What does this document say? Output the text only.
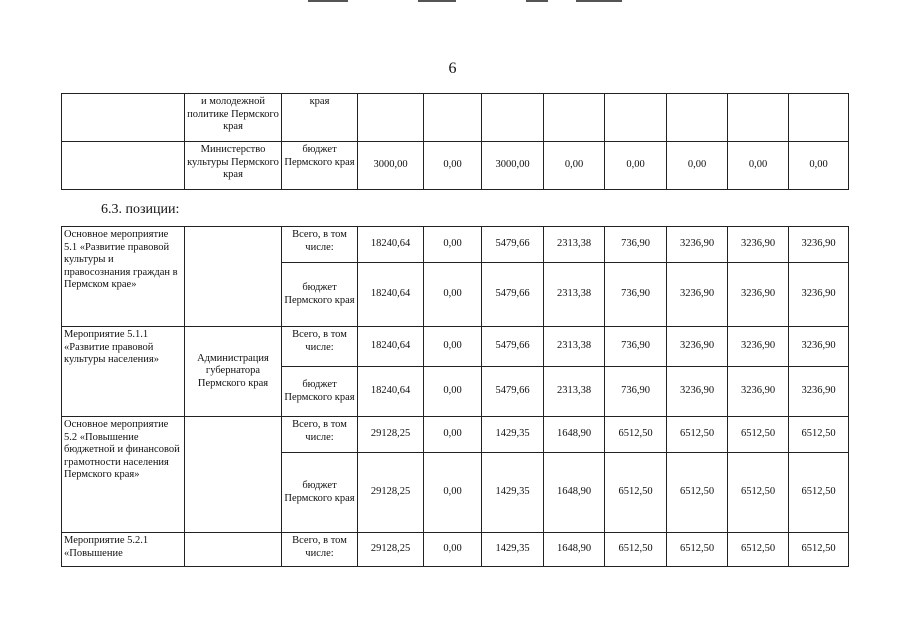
6
	и молодежной политике Пермского края	края								
	Министерство культуры Пермского края	бюджет Пермского края	3000,00	0,00	3000,00	0,00	0,00	0,00	0,00	0,00
6.3. позиции:
Основное мероприятие 5.1 «Развитие правовой культуры и правосознания граждан в Пермском крае»		Всего, в том числе:	18240,64	0,00	5479,66	2313,38	736,90	3236,90	3236,90	3236,90
		бюджет Пермского края	18240,64	0,00	5479,66	2313,38	736,90	3236,90	3236,90	3236,90
Мероприятие 5.1.1 «Развитие правовой культуры населения»	Администрация губернатора Пермского края	Всего, в том числе:	18240,64	0,00	5479,66	2313,38	736,90	3236,90	3236,90	3236,90
		бюджет Пермского края	18240,64	0,00	5479,66	2313,38	736,90	3236,90	3236,90	3236,90
Основное мероприятие 5.2 «Повышение бюджетной и финансовой грамотности населения Пермского края»		Всего, в том числе:	29128,25	0,00	1429,35	1648,90	6512,50	6512,50	6512,50	6512,50
		бюджет Пермского края	29128,25	0,00	1429,35	1648,90	6512,50	6512,50	6512,50	6512,50
Мероприятие 5.2.1 «Повышение		Всего, в том числе:	29128,25	0,00	1429,35	1648,90	6512,50	6512,50	6512,50	6512,50
